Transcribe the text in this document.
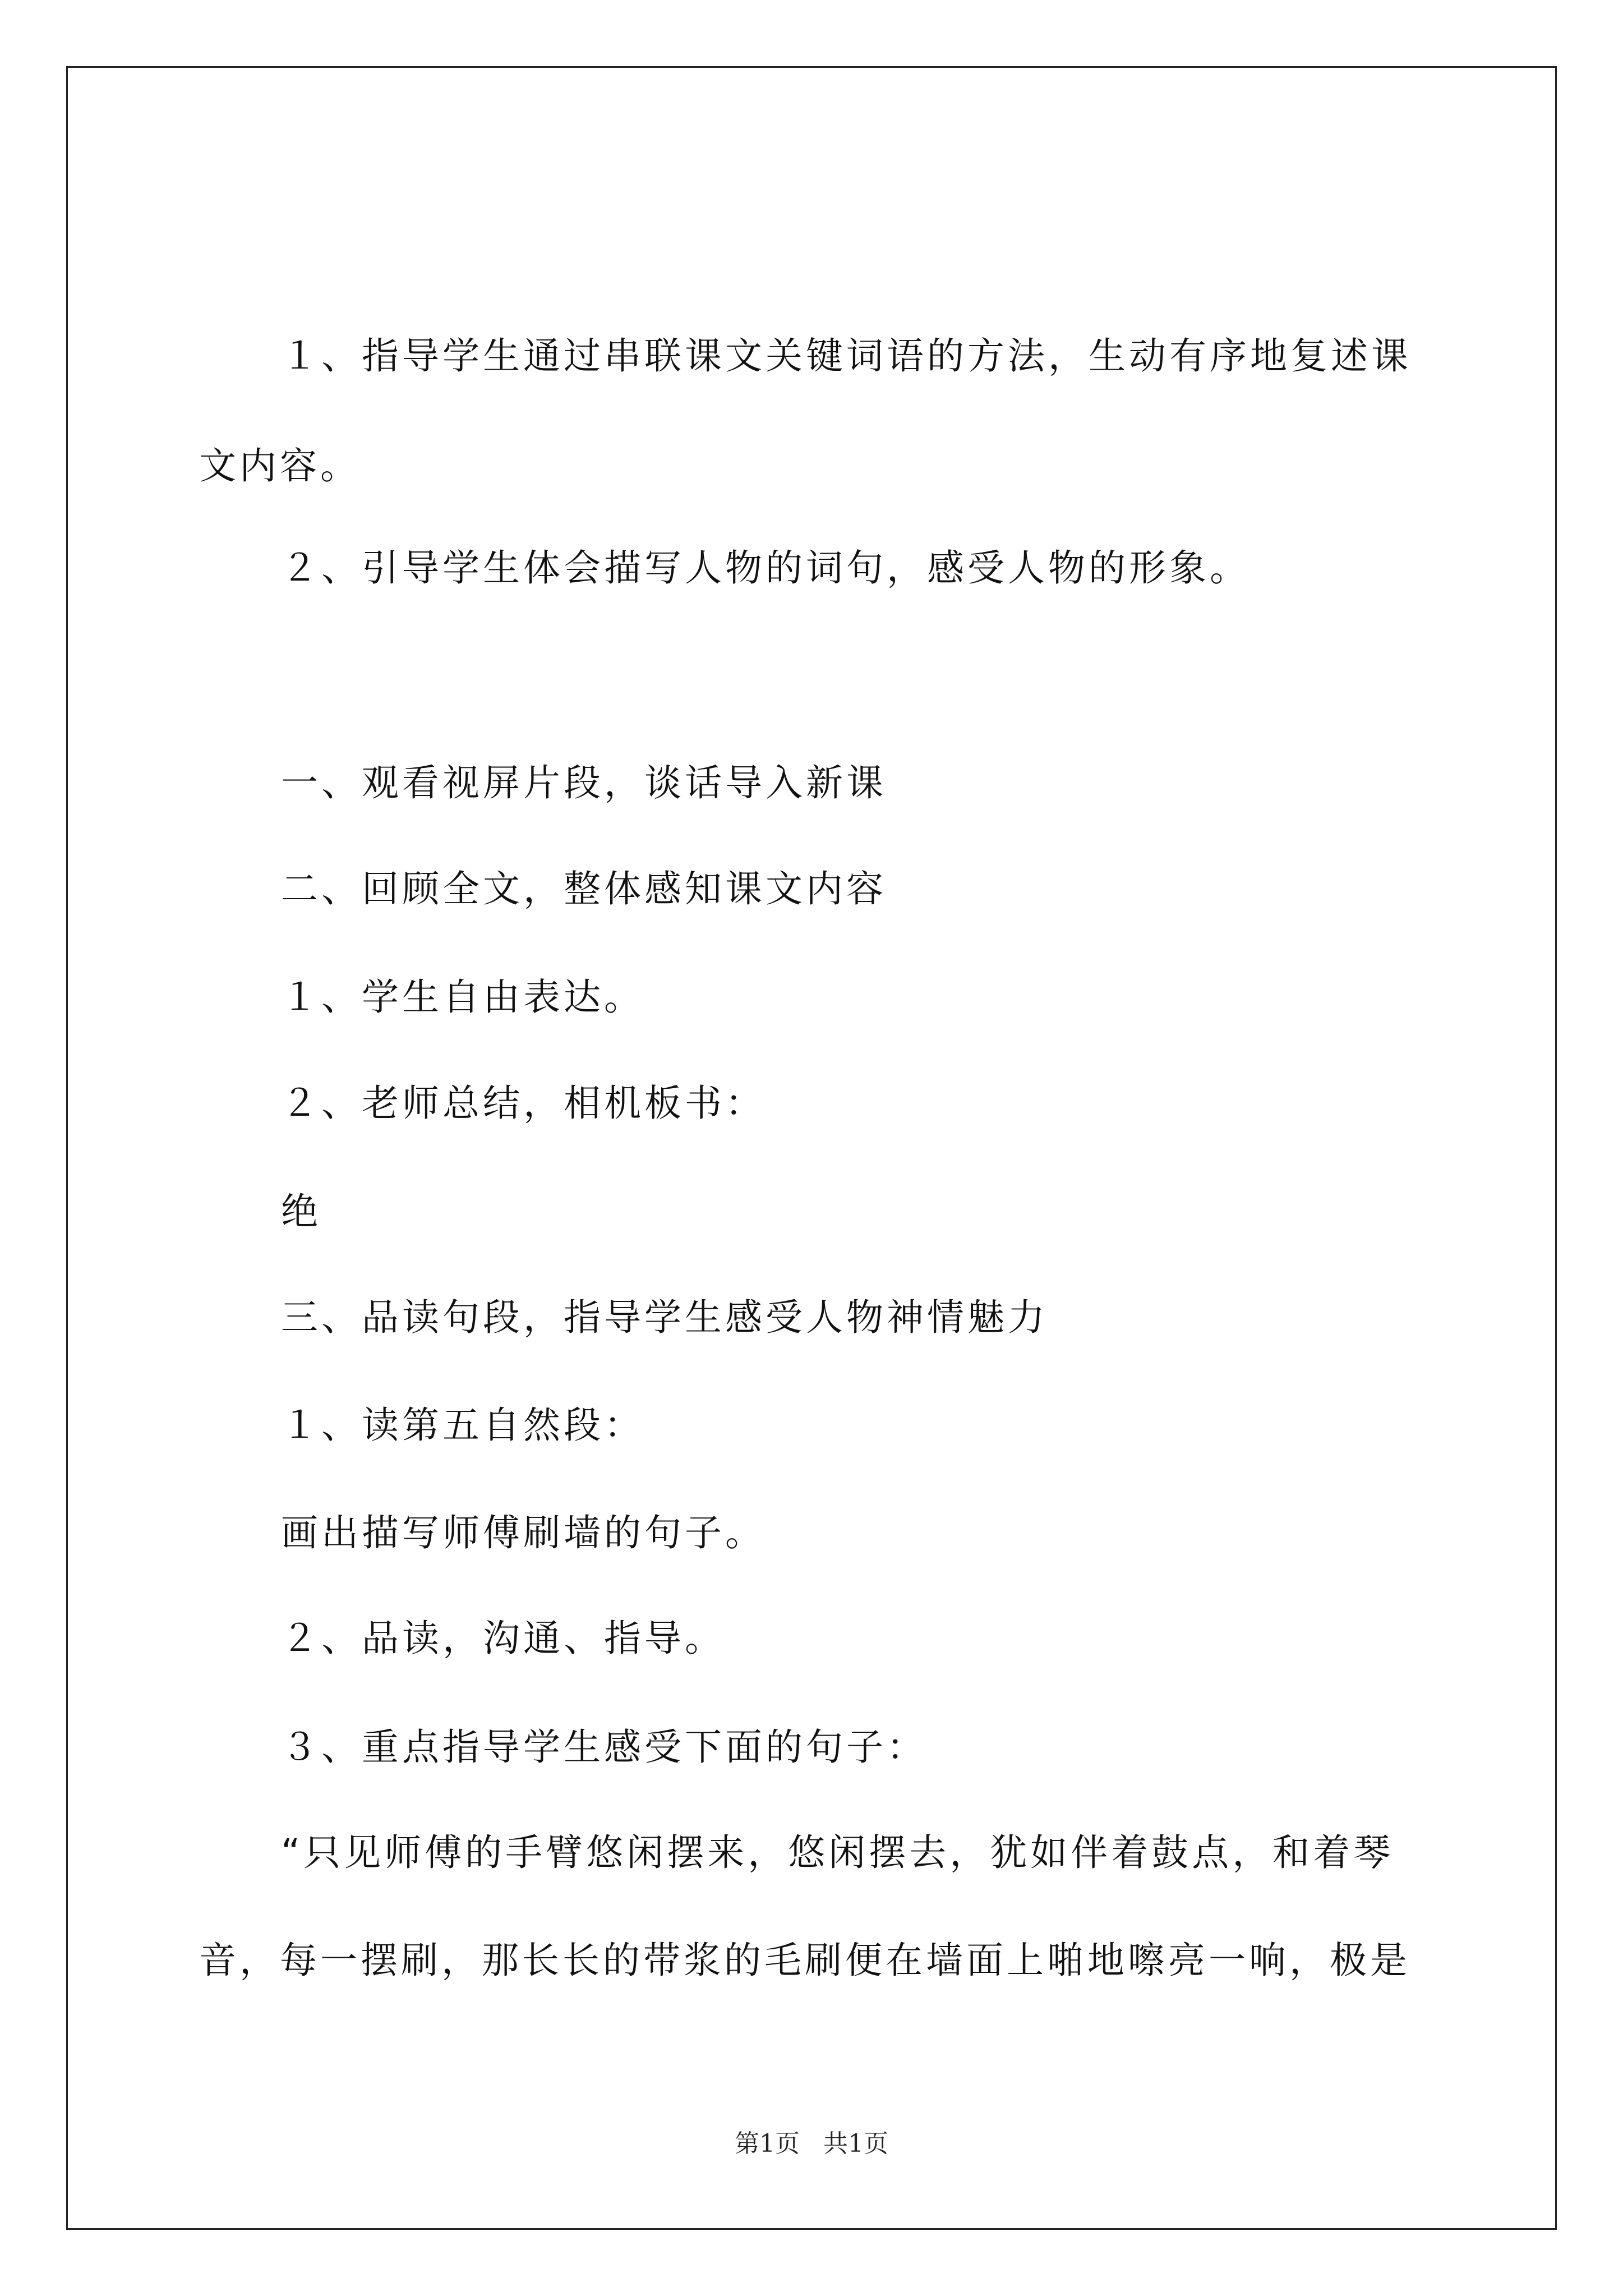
１、指导学生通过串联课文关键词语的方法，生动有序地复述课
文内容。
２、引导学生体会描写人物的词句，感受人物的形象。
一、观看视屏片段，谈话导入新课
二、回顾全文，整体感知课文内容
１、学生自由表达。
２、老师总结，相机板书：
绝
三、品读句段，指导学生感受人物神情魅力
１、读第五自然段：
画出描写师傅刷墙的句子。
２、品读，沟通、指导。
３、重点指导学生感受下面的句子：
“只见师傅的手臂悠闲摆来，悠闲摆去，犹如伴着鼓点，和着琴
音，每一摆刷，那长长的带浆的毛刷便在墙面上啪地嚓亮一响，极是
第1页 共1页
